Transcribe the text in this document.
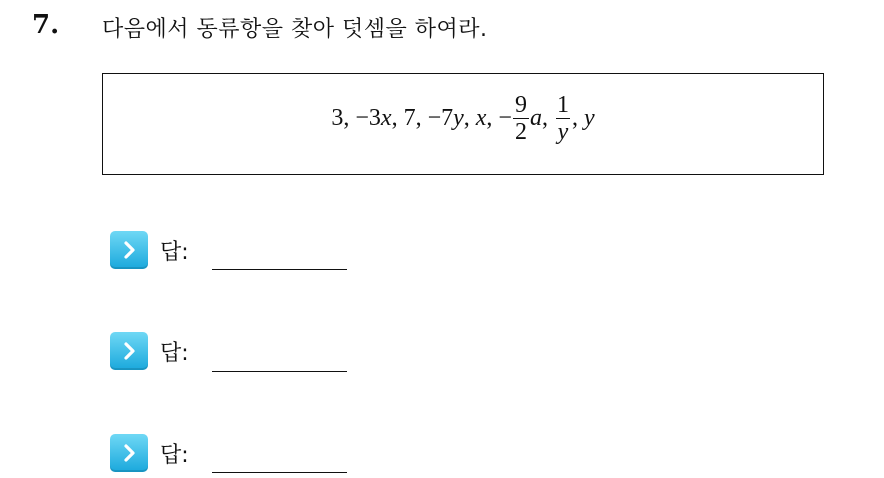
7. 다음에서 동류항을 찾아 덧셈을 하여라.
3, −3 x , 7, −7 y , x , − $\frac{9}{2}$ a , $\frac{1}{y}$ , y
답:
답:
답:
